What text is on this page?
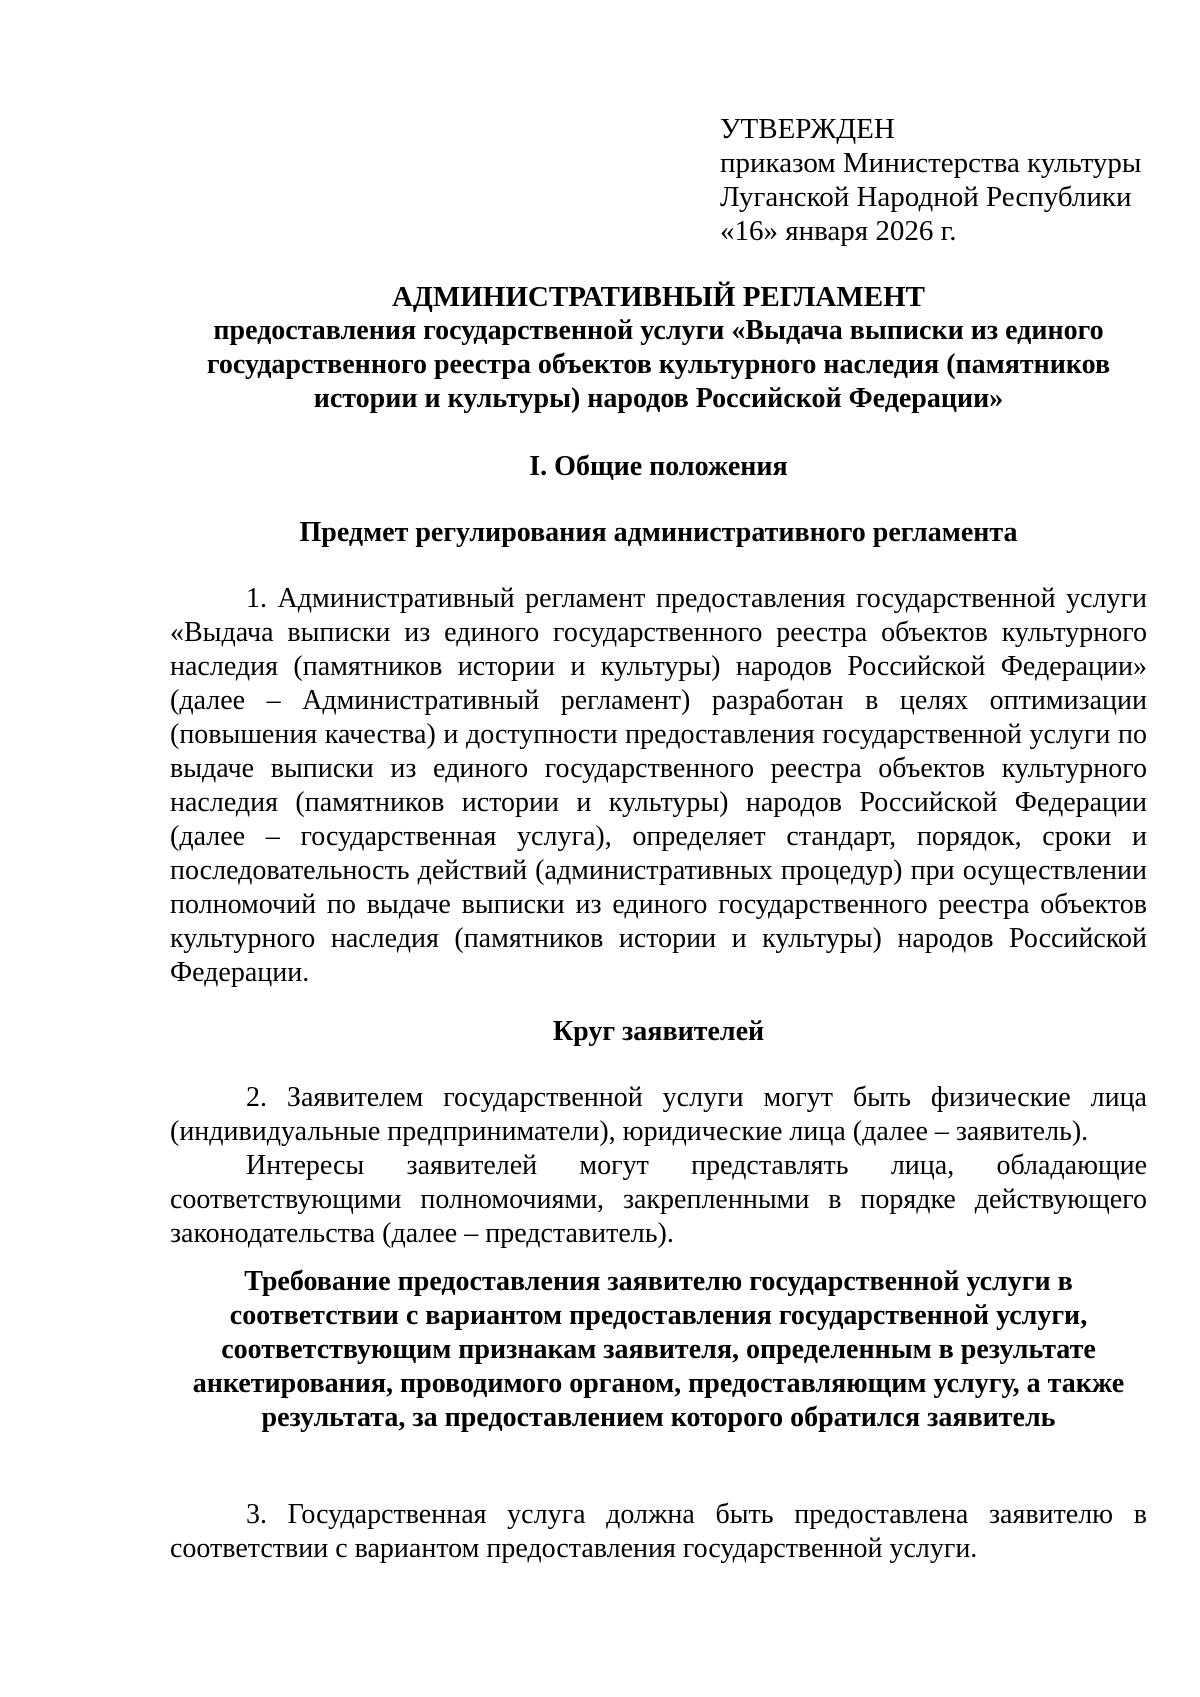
УТВЕРЖДЕН
приказом Министерства культуры
Луганской Народной Республики
«16» января 2026 г.
АДМИНИСТРАТИВНЫЙ РЕГЛАМЕНТ
предоставления государственной услуги «Выдача выписки из единого государственного реестра объектов культурного наследия (памятников истории и культуры) народов Российской Федерации»
I. Общие положения
Предмет регулирования административного регламента

1. Административный регламент предоставления государственной услуги «Выдача выписки из единого государственного реестра объектов культурного наследия (памятников истории и культуры) народов Российской Федерации» (далее – Административный регламент) разработан в целях оптимизации (повышения качества) и доступности предоставления государственной услуги по выдаче выписки из единого государственного реестра объектов культурного наследия (памятников истории и культуры) народов Российской Федерации (далее – государственная услуга), определяет стандарт, порядок, сроки и последовательность действий (административных процедур) при осуществлении полномочий по выдаче выписки из единого государственного реестра объектов культурного наследия (памятников истории и культуры) народов Российской Федерации.

Круг заявителей

2. Заявителем государственной услуги могут быть физические лица (индивидуальные предприниматели), юридические лица (далее – заявитель).

Интересы заявителей могут представлять лица, обладающие соответствующими полномочиями, закрепленными в порядке действующего законодательства (далее – представитель).

Требование предоставления заявителю государственной услуги в соответствии с вариантом предоставления государственной услуги, соответствующим признакам заявителя, определенным в результате анкетирования, проводимого органом, предоставляющим услугу, а также результата, за предоставлением которого обратился заявитель

3. Государственная услуга должна быть предоставлена заявителю в соответствии с вариантом предоставления государственной услуги.
